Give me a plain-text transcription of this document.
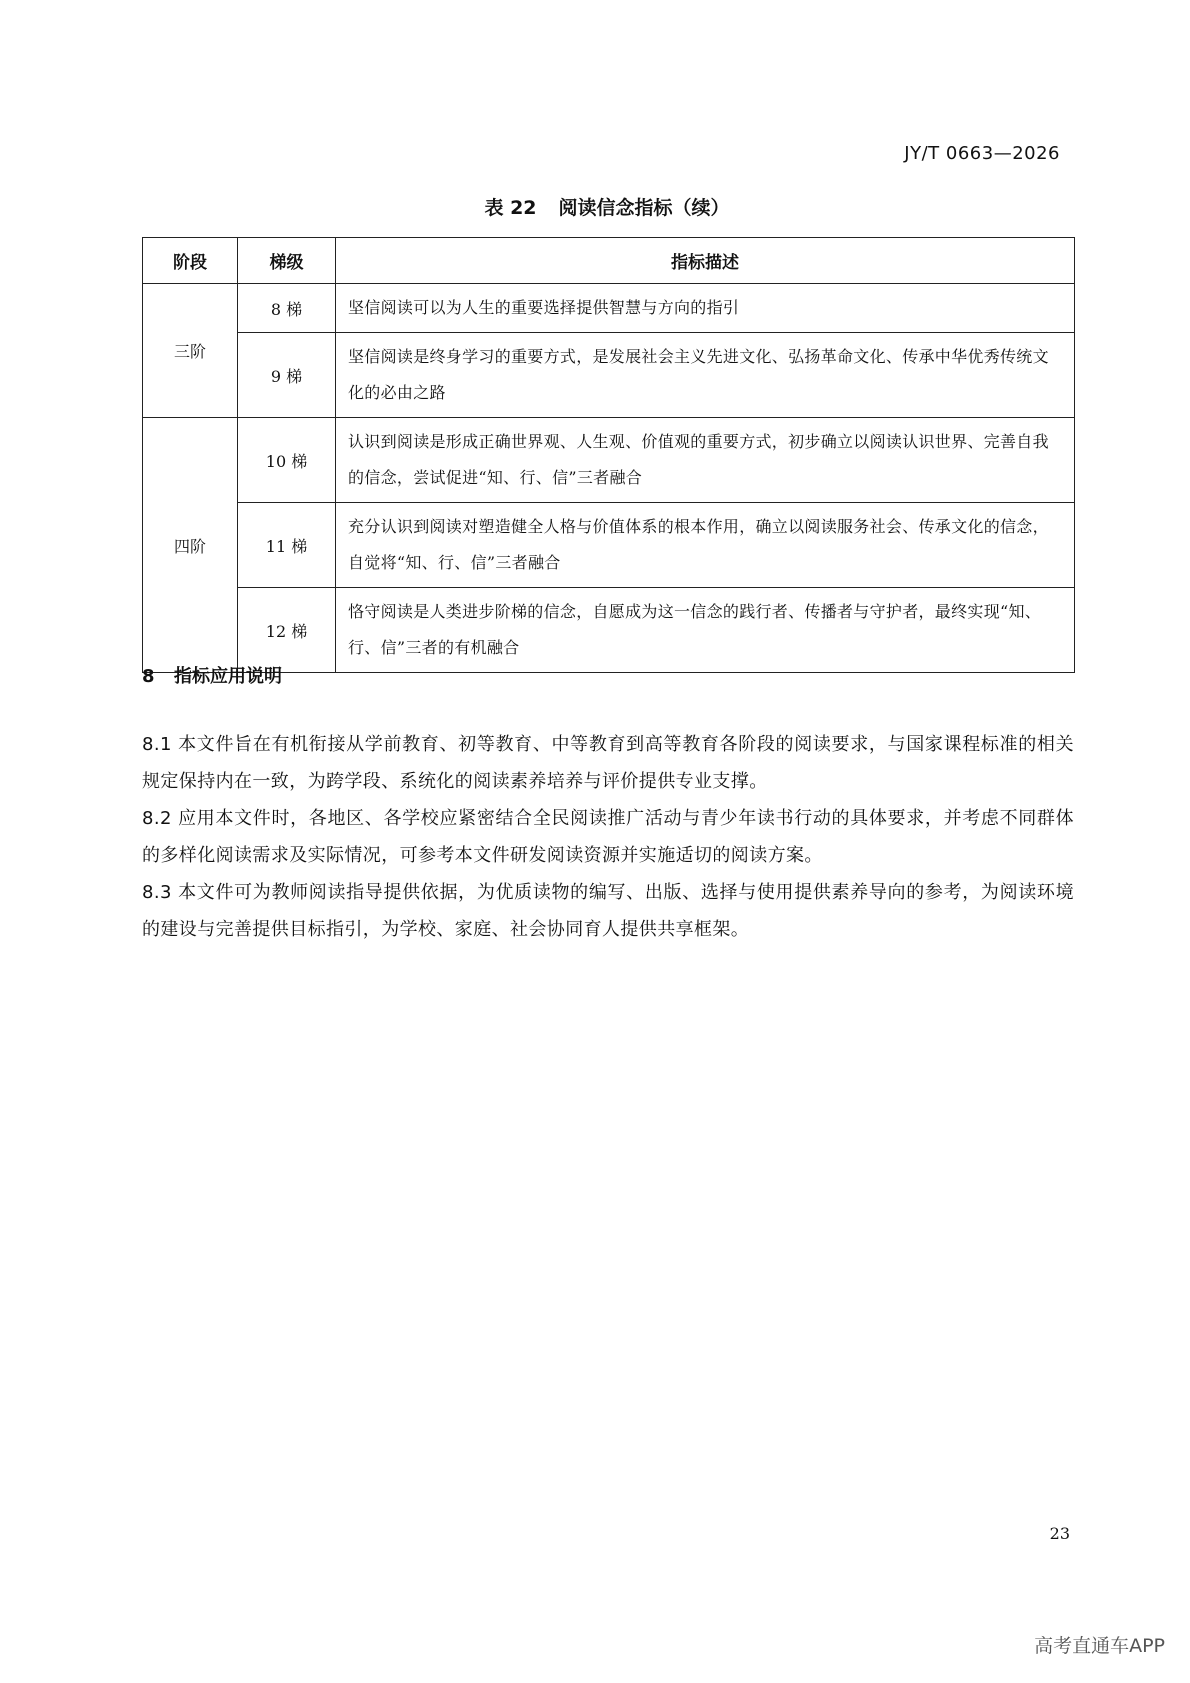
JY/T 0663—2026
表 22 阅读信念指标（续）
阶段	梯级	指标描述
三阶	8 梯	坚信阅读可以为人生的重要选择提供智慧与方向的指引
	9 梯	坚信阅读是终身学习的重要方式，是发展社会主义先进文化、弘扬革命文化、传承中华优秀传统文化的必由之路
四阶	10 梯	认识到阅读是形成正确世界观、人生观、价值观的重要方式，初步确立以阅读认识世界、完善自我的信念，尝试促进“知、行、信”三者融合
	11 梯	充分认识到阅读对塑造健全人格与价值体系的根本作用，确立以阅读服务社会、传承文化的信念，自觉将“知、行、信”三者融合
	12 梯	恪守阅读是人类进步阶梯的信念，自愿成为这一信念的践行者、传播者与守护者，最终实现“知、行、信”三者的有机融合
8 指标应用说明

8.1 本文件旨在有机衔接从学前教育、初等教育、中等教育到高等教育各阶段的阅读要求，与国家课程标准的相关规定保持内在一致，为跨学段、系统化的阅读素养培养与评价提供专业支撑。

8.2 应用本文件时，各地区、各学校应紧密结合全民阅读推广活动与青少年读书行动的具体要求，并考虑不同群体的多样化阅读需求及实际情况，可参考本文件研发阅读资源并实施适切的阅读方案。

8.3 本文件可为教师阅读指导提供依据，为优质读物的编写、出版、选择与使用提供素养导向的参考，为阅读环境的建设与完善提供目标指引，为学校、家庭、社会协同育人提供共享框架。

23
高考直通车APP
